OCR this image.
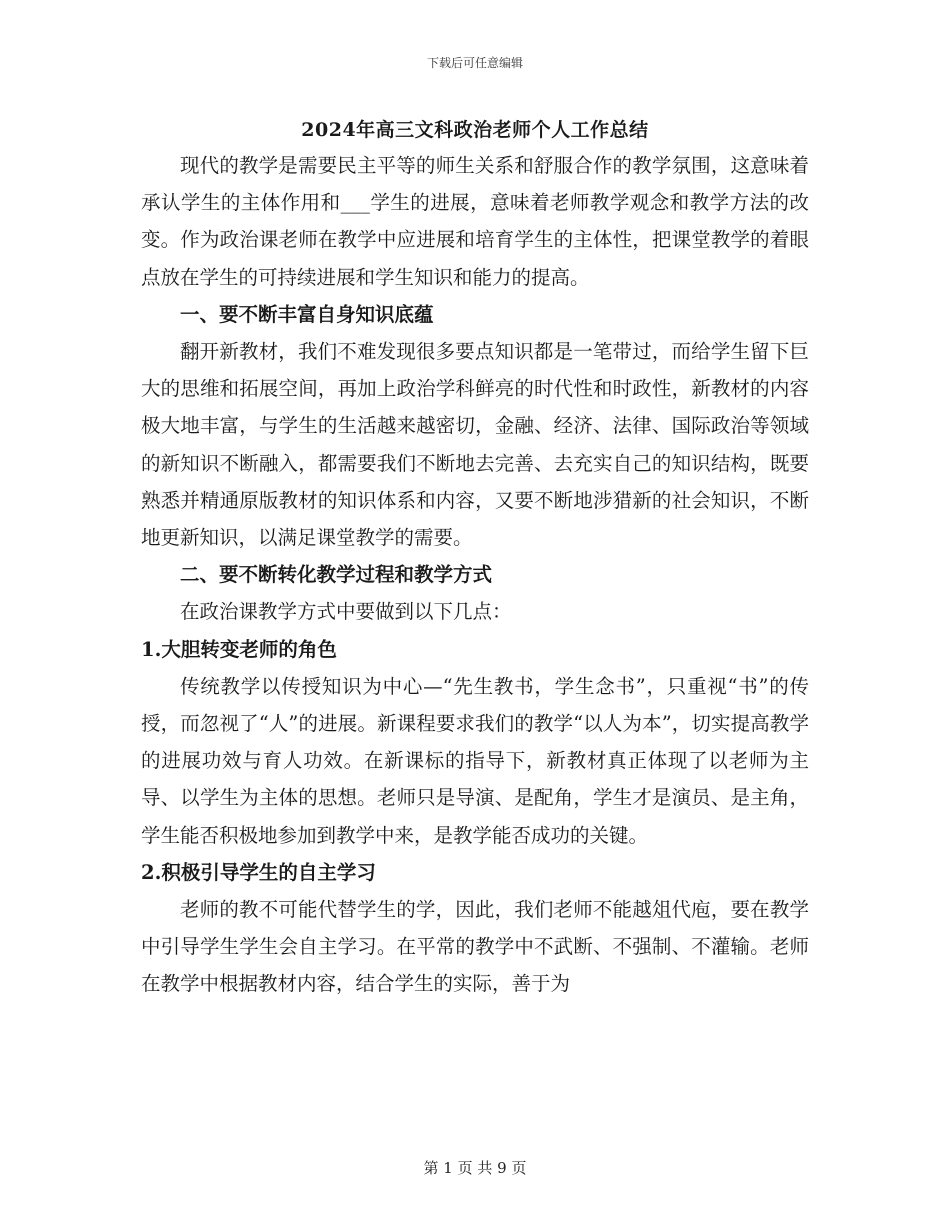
下载后可任意编辑
2024年高三文科政治老师个人工作总结

现代的教学是需要民主平等的师生关系和舒服合作的教学氛围，这意味着承认学生的主体作用和___学生的进展，意味着老师教学观念和教学方法的改变。作为政治课老师在教学中应进展和培育学生的主体性，把课堂教学的着眼点放在学生的可持续进展和学生知识和能力的提高。

一、要不断丰富自身知识底蕴

翻开新教材，我们不难发现很多要点知识都是一笔带过，而给学生留下巨大的思维和拓展空间，再加上政治学科鲜亮的时代性和时政性，新教材的内容极大地丰富，与学生的生活越来越密切，金融、经济、法律、国际政治等领域的新知识不断融入，都需要我们不断地去完善、去充实自己的知识结构，既要熟悉并精通原版教材的知识体系和内容，又要不断地涉猎新的社会知识，不断地更新知识，以满足课堂教学的需要。

二、要不断转化教学过程和教学方式

在政治课教学方式中要做到以下几点：

1.大胆转变老师的角色

传统教学以传授知识为中心—“先生教书，学生念书”，只重视“书”的传授，而忽视了“人”的进展。新课程要求我们的教学“以人为本”，切实提高教学的进展功效与育人功效。在新课标的指导下，新教材真正体现了以老师为主导、以学生为主体的思想。老师只是导演、是配角，学生才是演员、是主角，学生能否积极地参加到教学中来，是教学能否成功的关键。

2.积极引导学生的自主学习

老师的教不可能代替学生的学，因此，我们老师不能越俎代庖，要在教学中引导学生学生会自主学习。在平常的教学中不武断、不强制、不灌输。老师在教学中根据教材内容，结合学生的实际，善于为

第 1 页 共 9 页
